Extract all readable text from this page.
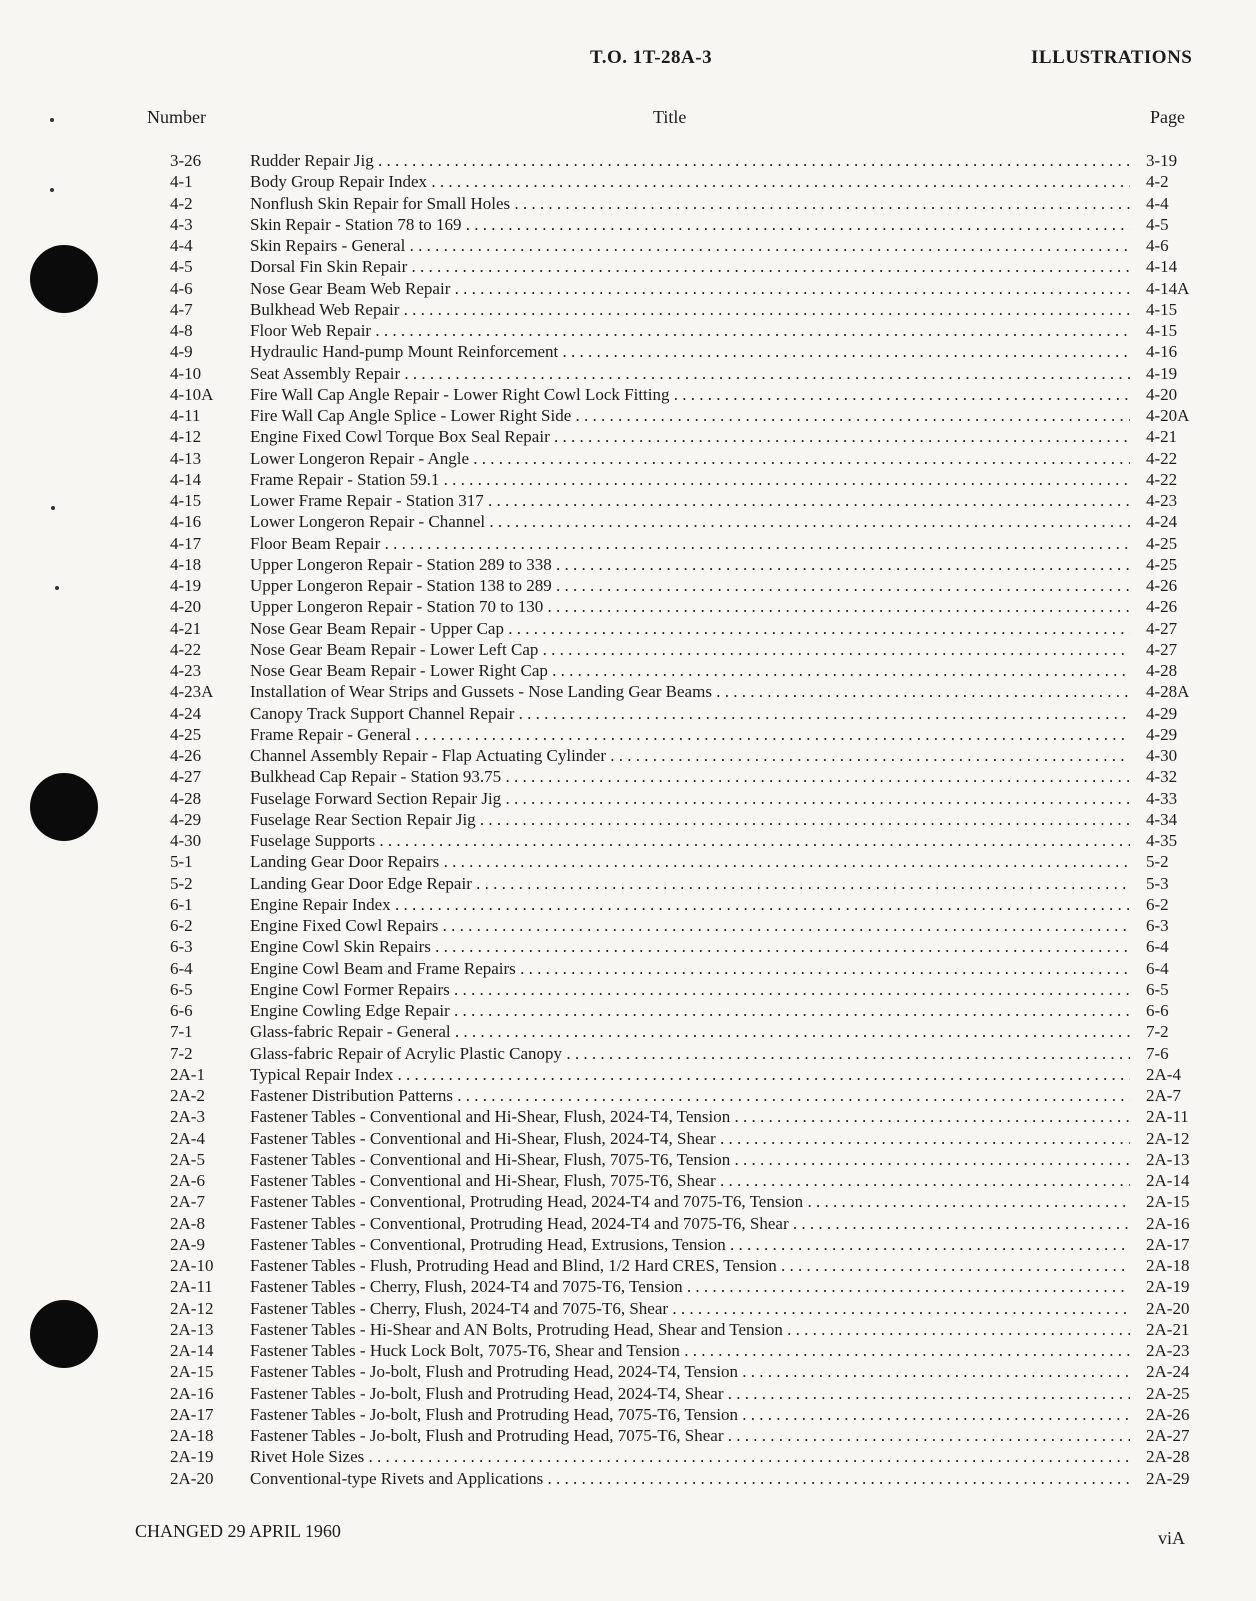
T.O. 1T-28A-3	ILLUSTRATIONS
Number	Title	Page
3-26	Rudder Repair Jig . . .	3-19
4-1	Body Group Repair Index . . .	4-2
4-2	Nonflush Skin Repair for Small Holes . . .	4-4
4-3	Skin Repair - Station 78 to 169 . . .	4-5
4-4	Skin Repairs - General . . .	4-6
4-5	Dorsal Fin Skin Repair . . .	4-14
4-6	Nose Gear Beam Web Repair . . .	4-14A
4-7	Bulkhead Web Repair . . .	4-15
4-8	Floor Web Repair . . .	4-15
4-9	Hydraulic Hand-pump Mount Reinforcement . . .	4-16
4-10	Seat Assembly Repair . . .	4-19
4-10A	Fire Wall Cap Angle Repair - Lower Right Cowl Lock Fitting . . .	4-20
4-11	Fire Wall Cap Angle Splice - Lower Right Side . . .	4-20A
4-12	Engine Fixed Cowl Torque Box Seal Repair . . .	4-21
4-13	Lower Longeron Repair - Angle . . .	4-22
4-14	Frame Repair - Station 59.1 . . .	4-22
4-15	Lower Frame Repair - Station 317 . . .	4-23
4-16	Lower Longeron Repair - Channel . . .	4-24
4-17	Floor Beam Repair . . .	4-25
4-18	Upper Longeron Repair - Station 289 to 338 . . .	4-25
4-19	Upper Longeron Repair - Station 138 to 289 . . .	4-26
4-20	Upper Longeron Repair - Station 70 to 130 . . .	4-26
4-21	Nose Gear Beam Repair - Upper Cap . . .	4-27
4-22	Nose Gear Beam Repair - Lower Left Cap . . .	4-27
4-23	Nose Gear Beam Repair - Lower Right Cap . . .	4-28
4-23A	Installation of Wear Strips and Gussets - Nose Landing Gear Beams . . .	4-28A
4-24	Canopy Track Support Channel Repair . . .	4-29
4-25	Frame Repair - General . . .	4-29
4-26	Channel Assembly Repair - Flap Actuating Cylinder . . .	4-30
4-27	Bulkhead Cap Repair - Station 93.75 . . .	4-32
4-28	Fuselage Forward Section Repair Jig . . .	4-33
4-29	Fuselage Rear Section Repair Jig . . .	4-34
4-30	Fuselage Supports . . .	4-35
5-1	Landing Gear Door Repairs . . .	5-2
5-2	Landing Gear Door Edge Repair . . .	5-3
6-1	Engine Repair Index . . .	6-2
6-2	Engine Fixed Cowl Repairs . . .	6-3
6-3	Engine Cowl Skin Repairs . . .	6-4
6-4	Engine Cowl Beam and Frame Repairs . . .	6-4
6-5	Engine Cowl Former Repairs . . .	6-5
6-6	Engine Cowling Edge Repair . . .	6-6
7-1	Glass-fabric Repair - General . . .	7-2
7-2	Glass-fabric Repair of Acrylic Plastic Canopy . . .	7-6
2A-1	Typical Repair Index . . .	2A-4
2A-2	Fastener Distribution Patterns . . .	2A-7
2A-3	Fastener Tables - Conventional and Hi-Shear, Flush, 2024-T4, Tension . . .	2A-11
2A-4	Fastener Tables - Conventional and Hi-Shear, Flush, 2024-T4, Shear . . .	2A-12
2A-5	Fastener Tables - Conventional and Hi-Shear, Flush, 7075-T6, Tension . . .	2A-13
2A-6	Fastener Tables - Conventional and Hi-Shear, Flush, 7075-T6, Shear . . .	2A-14
2A-7	Fastener Tables - Conventional, Protruding Head, 2024-T4 and 7075-T6, Tension . . .	2A-15
2A-8	Fastener Tables - Conventional, Protruding Head, 2024-T4 and 7075-T6, Shear . . .	2A-16
2A-9	Fastener Tables - Conventional, Protruding Head, Extrusions, Tension . . .	2A-17
2A-10	Fastener Tables - Flush, Protruding Head and Blind, 1/2 Hard CRES, Tension . . .	2A-18
2A-11	Fastener Tables - Cherry, Flush, 2024-T4 and 7075-T6, Tension . . .	2A-19
2A-12	Fastener Tables - Cherry, Flush, 2024-T4 and 7075-T6, Shear . . .	2A-20
2A-13	Fastener Tables - Hi-Shear and AN Bolts, Protruding Head, Shear and Tension . . .	2A-21
2A-14	Fastener Tables - Huck Lock Bolt, 7075-T6, Shear and Tension . . .	2A-23
2A-15	Fastener Tables - Jo-bolt, Flush and Protruding Head, 2024-T4, Tension . . .	2A-24
2A-16	Fastener Tables - Jo-bolt, Flush and Protruding Head, 2024-T4, Shear . . .	2A-25
2A-17	Fastener Tables - Jo-bolt, Flush and Protruding Head, 7075-T6, Tension . . .	2A-26
2A-18	Fastener Tables - Jo-bolt, Flush and Protruding Head, 7075-T6, Shear . . .	2A-27
2A-19	Rivet Hole Sizes . . .	2A-28
2A-20	Conventional-type Rivets and Applications . . .	2A-29
CHANGED 29 APRIL 1960	viA
